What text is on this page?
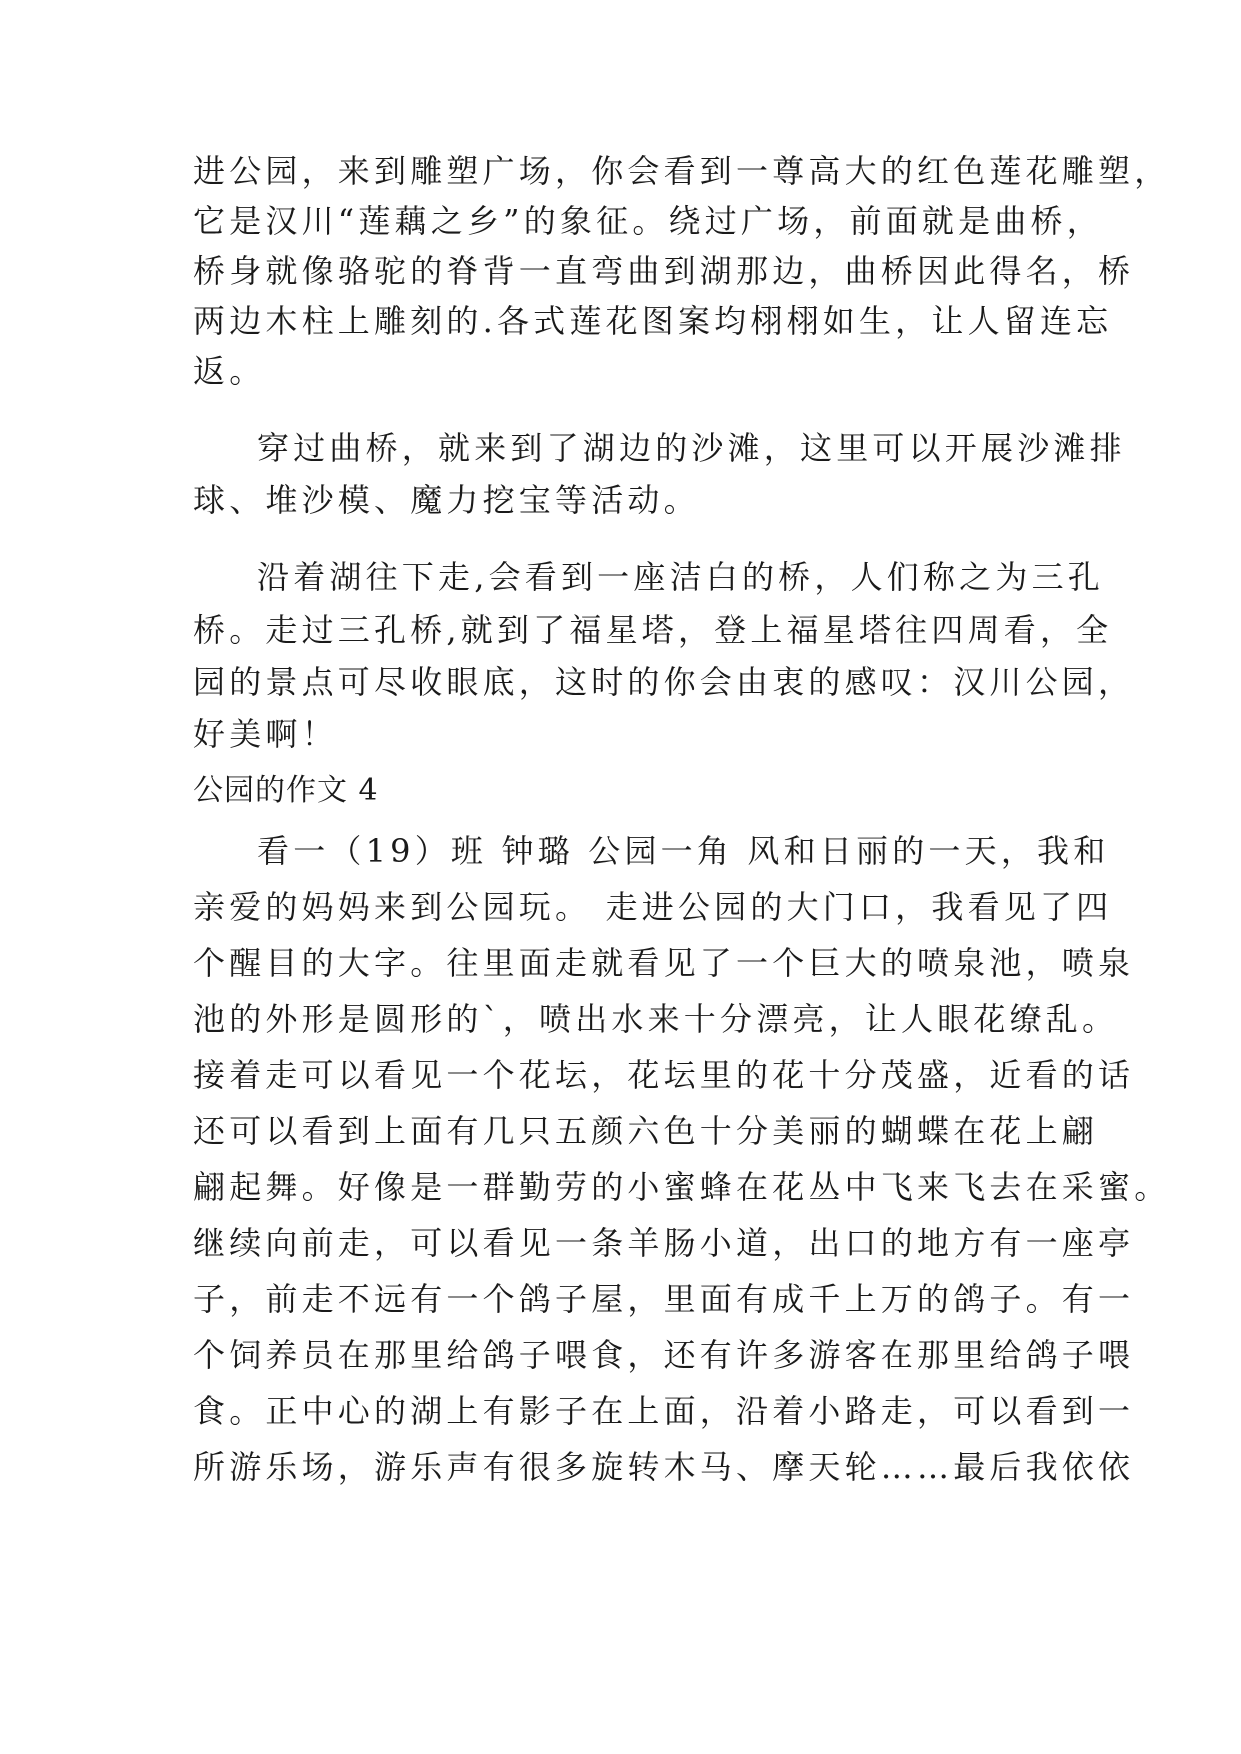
进公园，来到雕塑广场，你会看到一尊高大的红色莲花雕塑，
它是汉川“莲藕之乡”的象征。绕过广场，前面就是曲桥，
桥身就像骆驼的脊背一直弯曲到湖那边，曲桥因此得名，桥
两边木柱上雕刻的.各式莲花图案均栩栩如生，让人留连忘
返。
穿过曲桥，就来到了湖边的沙滩，这里可以开展沙滩排
球、堆沙模、魔力挖宝等活动。
沿着湖往下走,会看到一座洁白的桥，人们称之为三孔
桥。走过三孔桥,就到了福星塔，登上福星塔往四周看，全
园的景点可尽收眼底，这时的你会由衷的感叹：汉川公园，
好美啊！
公园的作文 4
看一（19）班 钟璐 公园一角 风和日丽的一天，我和
亲爱的妈妈来到公园玩。 走进公园的大门口，我看见了四
个醒目的大字。往里面走就看见了一个巨大的喷泉池，喷泉
池的外形是圆形的`，喷出水来十分漂亮，让人眼花缭乱。
接着走可以看见一个花坛，花坛里的花十分茂盛，近看的话
还可以看到上面有几只五颜六色十分美丽的蝴蝶在花上翩
翩起舞。好像是一群勤劳的小蜜蜂在花丛中飞来飞去在采蜜。
继续向前走，可以看见一条羊肠小道，出口的地方有一座亭
子，前走不远有一个鸽子屋，里面有成千上万的鸽子。有一
个饲养员在那里给鸽子喂食，还有许多游客在那里给鸽子喂
食。正中心的湖上有影子在上面，沿着小路走，可以看到一
所游乐场，游乐声有很多旋转木马、摩天轮……最后我依依
